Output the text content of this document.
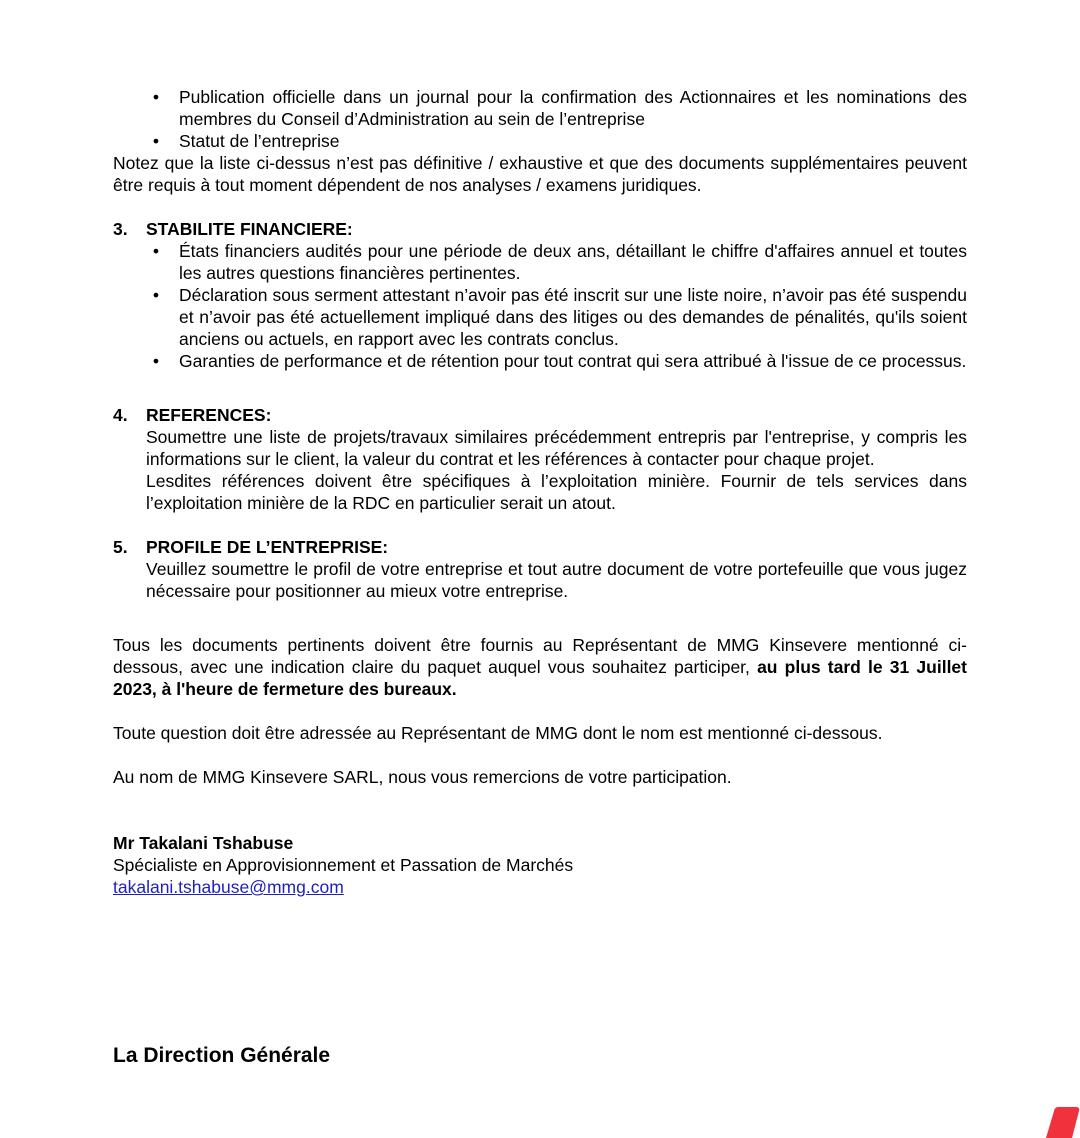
•	Publication officielle dans un journal pour la confirmation des Actionnaires et les nominations des membres du Conseil d’Administration au sein de l’entreprise
•	Statut de l’entreprise
Notez que la liste ci-dessus n’est pas définitive / exhaustive et que des documents supplémentaires peuvent être requis à tout moment dépendent de nos analyses / examens juridiques.
3. STABILITE FINANCIERE:
•	États financiers audités pour une période de deux ans, détaillant le chiffre d'affaires annuel et toutes les autres questions financières pertinentes.
•	Déclaration sous serment attestant n’avoir pas été inscrit sur une liste noire, n’avoir pas été suspendu et n’avoir pas été actuellement impliqué dans des litiges ou des demandes de pénalités, qu'ils soient anciens ou actuels, en rapport avec les contrats conclus.
•	Garanties de performance et de rétention pour tout contrat qui sera attribué à l'issue de ce processus.
4. REFERENCES:
Soumettre une liste de projets/travaux similaires précédemment entrepris par l'entreprise, y compris les informations sur le client, la valeur du contrat et les références à contacter pour chaque projet.
Lesdites références doivent être spécifiques à l’exploitation minière. Fournir de tels services dans l’exploitation minière de la RDC en particulier serait un atout.
5. PROFILE DE L’ENTREPRISE:
Veuillez soumettre le profil de votre entreprise et tout autre document de votre portefeuille que vous jugez nécessaire pour positionner au mieux votre entreprise.
Tous les documents pertinents doivent être fournis au Représentant de MMG Kinsevere mentionné ci-dessous, avec une indication claire du paquet auquel vous souhaitez participer, au plus tard le 31 Juillet 2023, à l'heure de fermeture des bureaux.
Toute question doit être adressée au Représentant de MMG dont le nom est mentionné ci-dessous.
Au nom de MMG Kinsevere SARL, nous vous remercions de votre participation.
Mr Takalani Tshabuse
Spécialiste en Approvisionnement et Passation de Marchés
takalani.tshabuse@mmg.com
La Direction Générale
